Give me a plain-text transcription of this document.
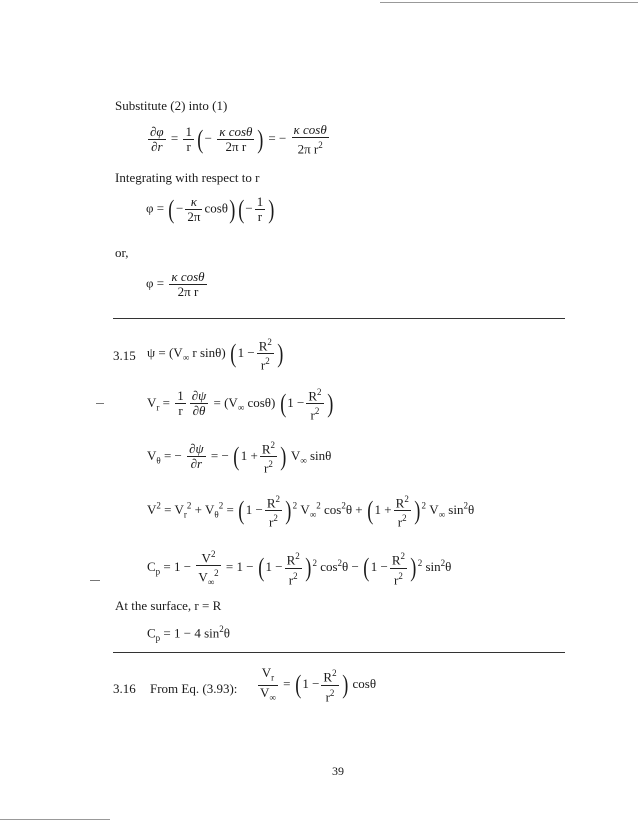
Substitute (2) into (1)
$\frac{\partial\varphi}{\partial r} = \frac{1}{r}$ (− $\frac{\text{κ cosθ}}{\text{2π r}}$ ) = − $\frac{\text{κ cosθ}}{2\pi r^2}$
Integrating with respect to r
φ = (− $\frac{\kappa}{2\pi} \cos\theta$) (− $\frac{1}{r}$ )
or,
$\varphi = \frac{\text{κ cosθ}}{\text{2π r}}$
3.15 $\psi = (V_\infty$ r sinθ) ($1 - \frac{R^2}{r^2}$ )
$V_r = \frac{1}{r} \frac{\partial\psi}{\partial\theta} = (V_\infty$ cosθ) ($1 - \frac{R^2}{r^2}$ )
$V_\theta$ = − $\frac{\partial\psi}{\partial r}$ = − ($1 + \frac{R^2}{r^2}$ ) $V_\infty$ sinθ
$V^2 = V_r^2 + V_\theta^2 = (1 - \frac{R^2}{r^2} )^2$ $V_\infty^2$ $\cos^2\theta + (1 + \frac{R^2}{r^2} )^2$ $V_\infty$ $\sin^2\theta$
$C_p = 1 - \frac{V^2}{V_\infty^2} = 1 - (1 - \frac{R^2}{r^2} )^2$ $\cos^2\theta - (1 - \frac{R^2}{r^2} )^2$ $\sin^2\theta$
At the surface, r = R
$C_p = 1 - 4$ $\sin^2\theta$
3.16 From Eq. (3.93): $\frac{V_r}{V_\infty} = (1 - \frac{R^2}{r^2}$ ) cosθ
39
